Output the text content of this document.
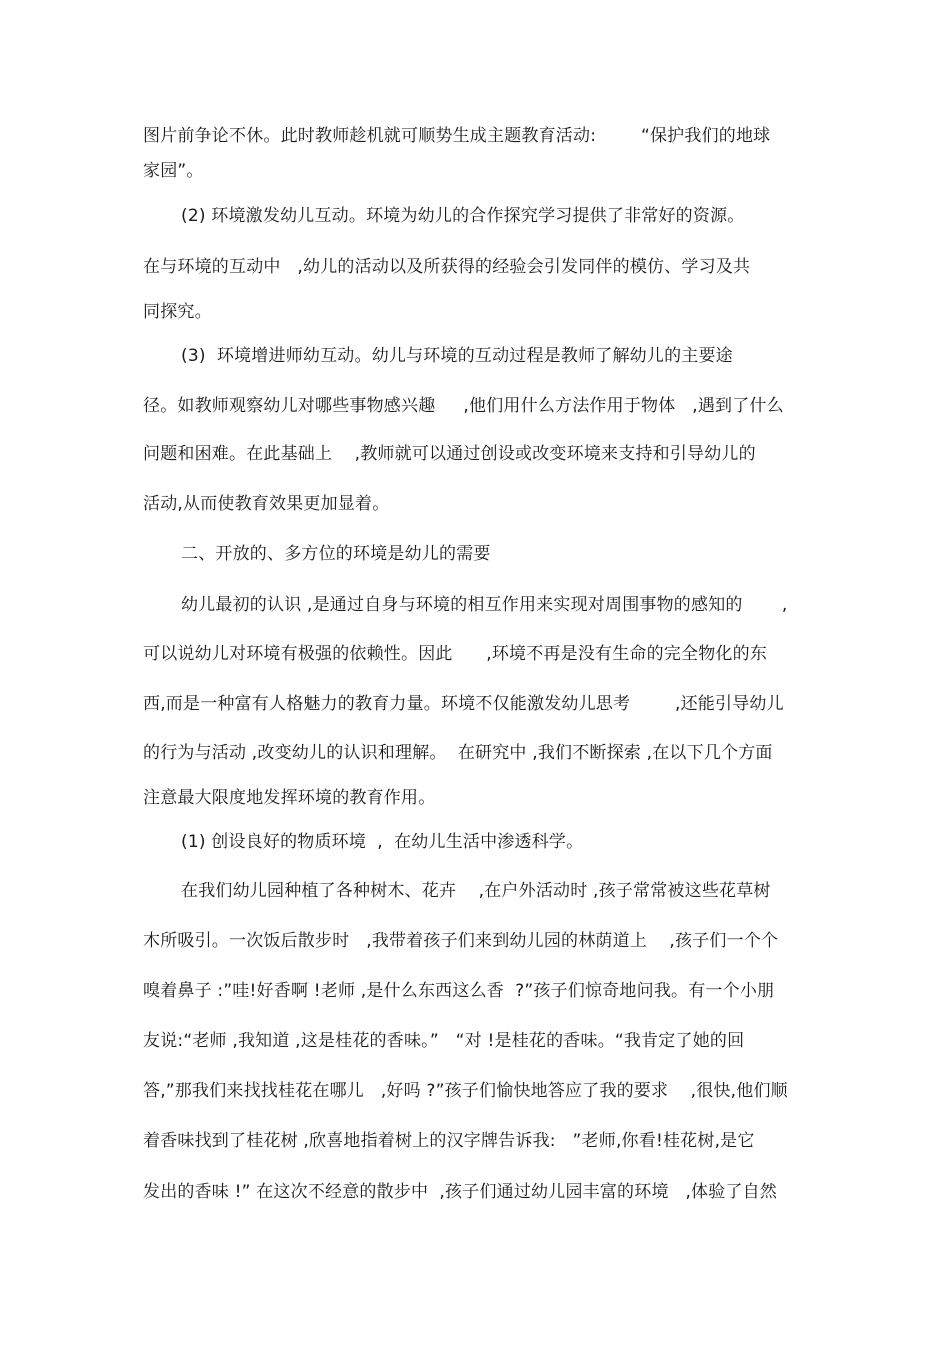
图片前争论不休。此时教师趁机就可顺势生成主题教育活动:        “保护我们的地球
家园”。
(2) 环境激发幼儿互动。环境为幼儿的合作探究学习提供了非常好的资源。
在与环境的互动中   ,幼儿的活动以及所获得的经验会引发同伴的模仿、学习及共
同探究。
(3)  环境增进师幼互动。幼儿与环境的互动过程是教师了解幼儿的主要途
径。如教师观察幼儿对哪些事物感兴趣     ,他们用什么方法作用于物体   ,遇到了什么
问题和困难。在此基础上    ,教师就可以通过创设或改变环境来支持和引导幼儿的
活动,从而使教育效果更加显着。
二、开放的、多方位的环境是幼儿的需要
幼儿最初的认识 ,是通过自身与环境的相互作用来实现对周围事物的感知的       ,
可以说幼儿对环境有极强的依赖性。因此      ,环境不再是没有生命的完全物化的东
西,而是一种富有人格魅力的教育力量。环境不仅能激发幼儿思考        ,还能引导幼儿
的行为与活动 ,改变幼儿的认识和理解。  在研究中 ,我们不断探索 ,在以下几个方面
注意最大限度地发挥环境的教育作用。
(1) 创设良好的物质环境  ,  在幼儿生活中渗透科学。
在我们幼儿园种植了各种树木、花卉    ,在户外活动时 ,孩子常常被这些花草树
木所吸引。一次饭后散步时   ,我带着孩子们来到幼儿园的林荫道上    ,孩子们一个个
嗅着鼻子 :”哇!好香啊 !老师 ,是什么东西这么香  ?”孩子们惊奇地问我。有一个小朋
友说:“老师 ,我知道 ,这是桂花的香味。”   “对 !是桂花的香味。“我肯定了她的回
答,”那我们来找找桂花在哪儿   ,好吗 ?”孩子们愉快地答应了我的要求    ,很快,他们顺
着香味找到了桂花树 ,欣喜地指着树上的汉字牌告诉我:   ”老师,你看!桂花树,是它
发出的香味 !” 在这次不经意的散步中  ,孩子们通过幼儿园丰富的环境   ,体验了自然
